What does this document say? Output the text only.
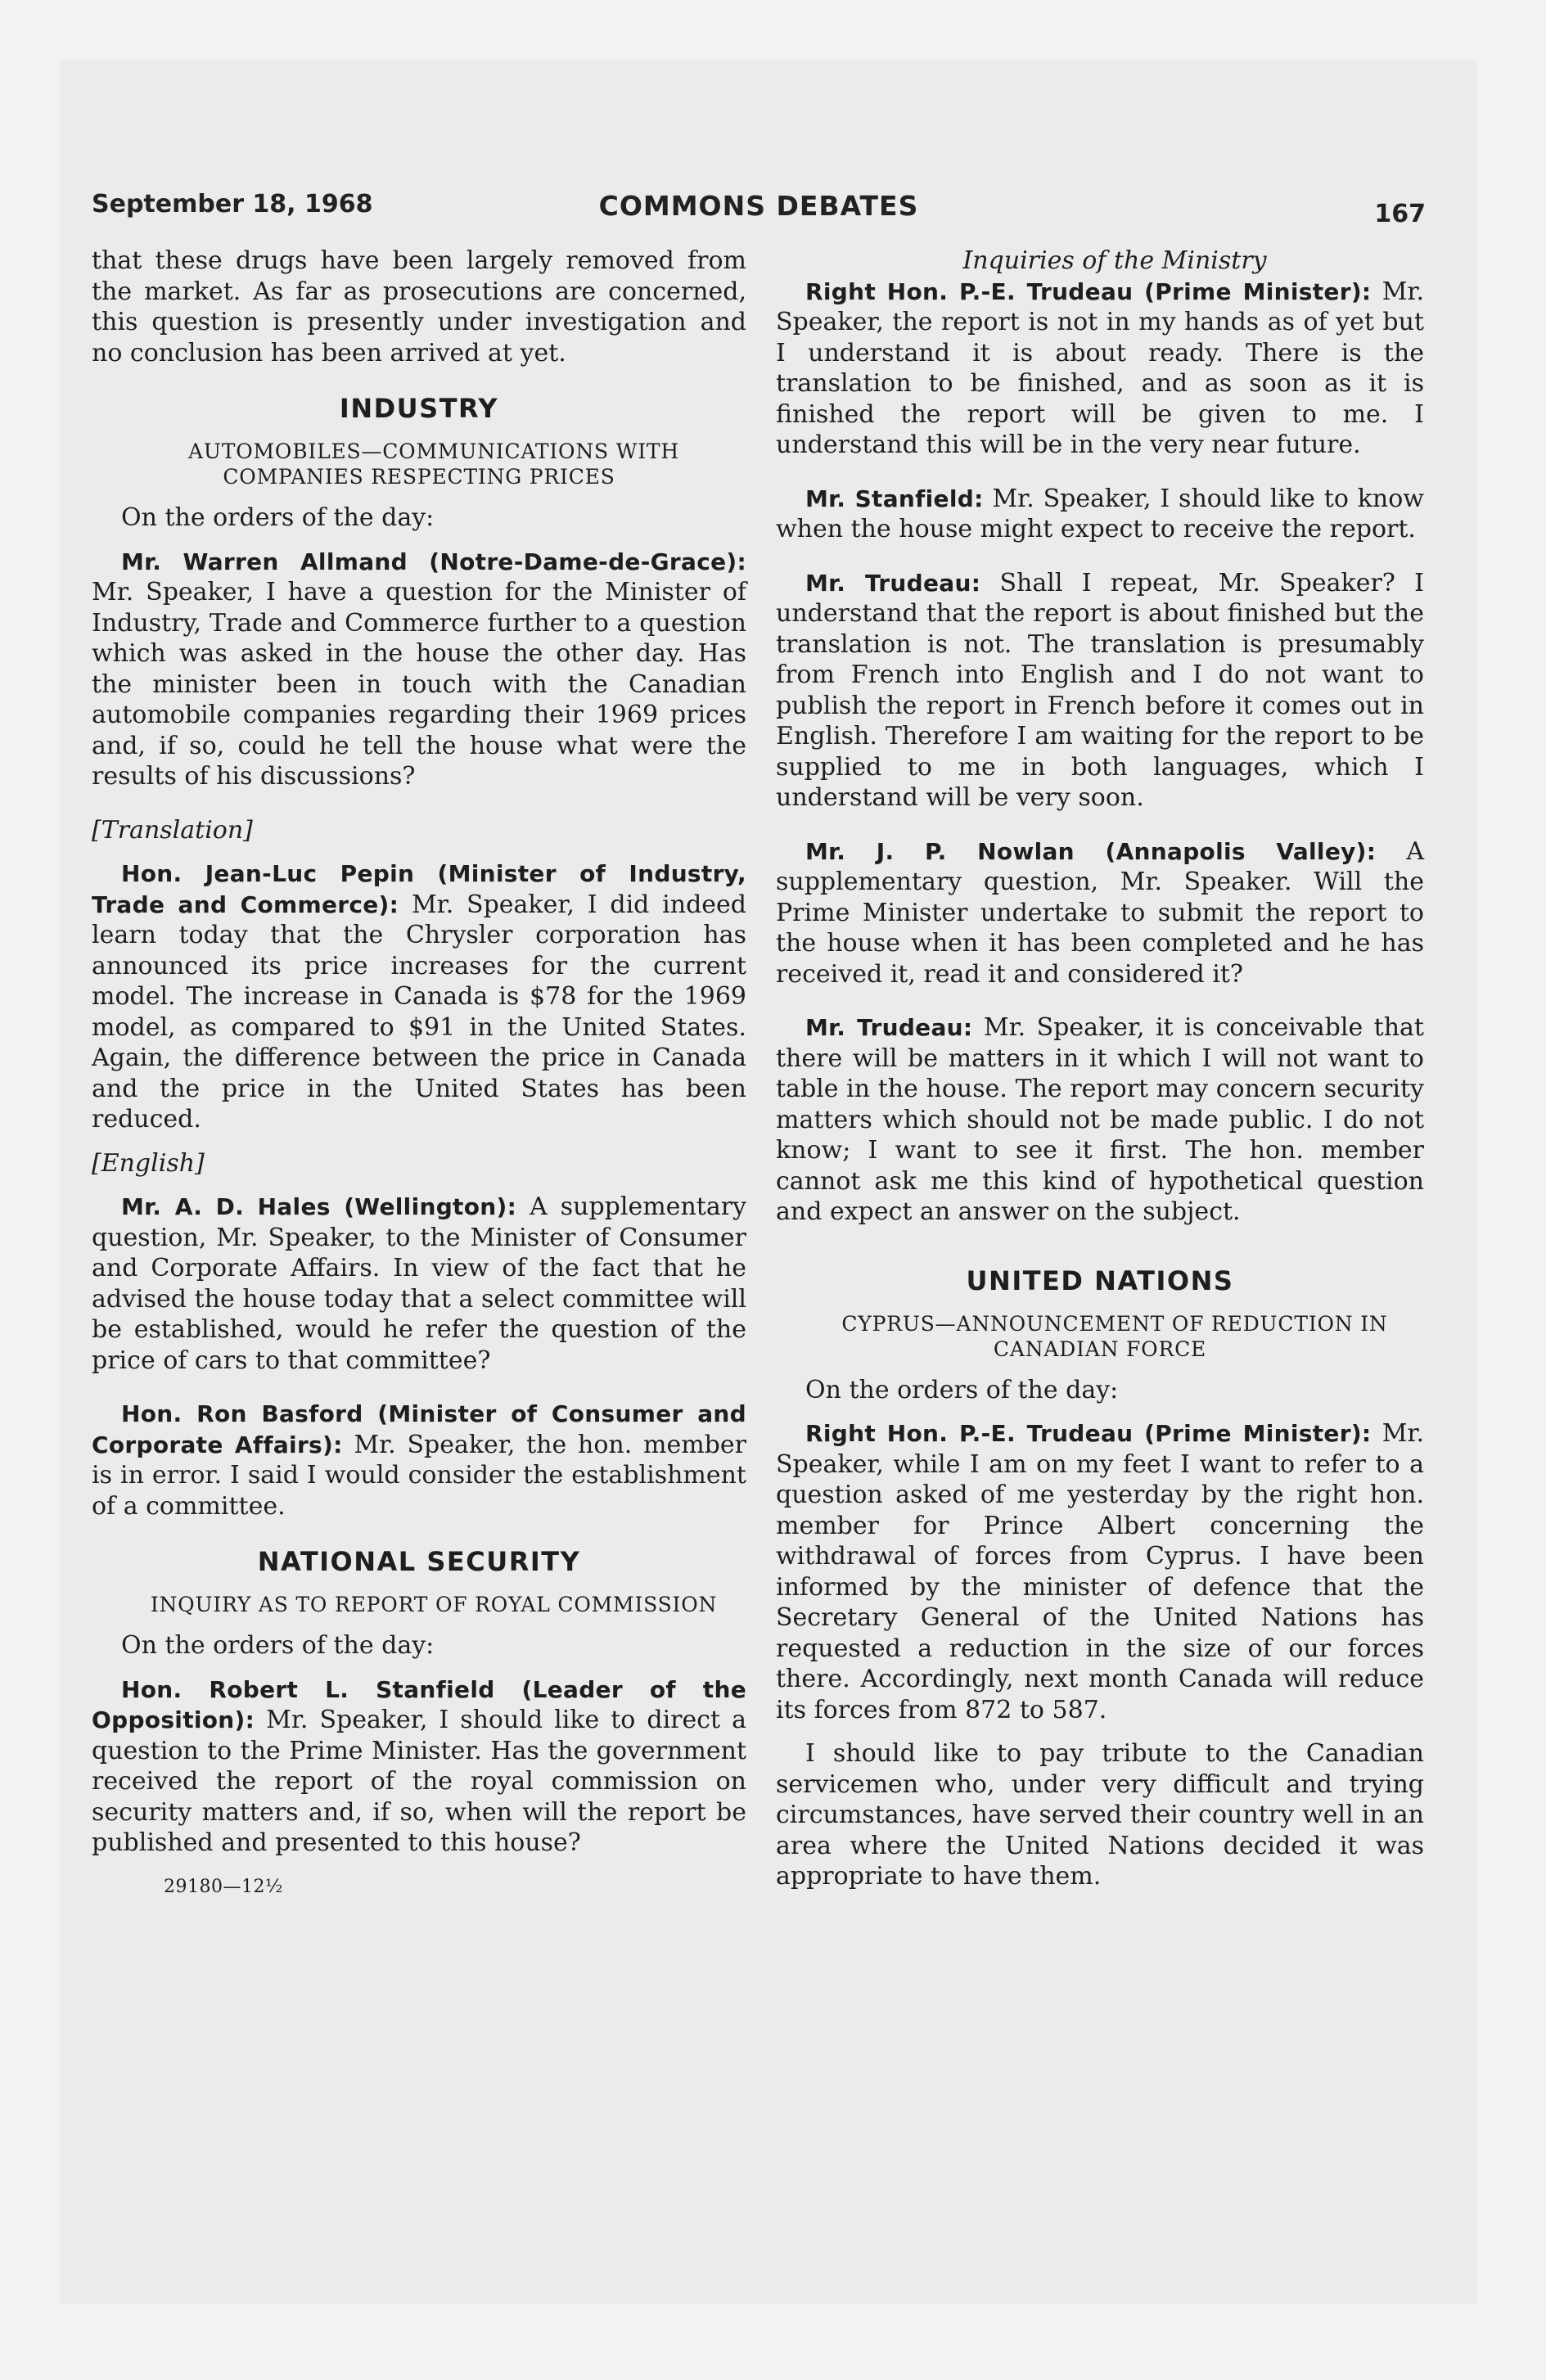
September 18, 1968	COMMONS DEBATES	167

that these drugs have been largely removed from the market. As far as prosecutions are concerned, this question is presently under investigation and no conclusion has been arrived at yet.

INDUSTRY

AUTOMOBILES—COMMUNICATIONS WITH COMPANIES RESPECTING PRICES

On the orders of the day:

Mr. Warren Allmand (Notre-Dame-de-Grace): Mr. Speaker, I have a question for the Minister of Industry, Trade and Commerce further to a question which was asked in the house the other day. Has the minister been in touch with the Canadian automobile companies regarding their 1969 prices and, if so, could he tell the house what were the results of his discussions?

[Translation]

Hon. Jean-Luc Pepin (Minister of Industry, Trade and Commerce): Mr. Speaker, I did indeed learn today that the Chrysler corporation has announced its price increases for the current model. The increase in Canada is $78 for the 1969 model, as compared to $91 in the United States. Again, the difference between the price in Canada and the price in the United States has been reduced.

[English]

Mr. A. D. Hales (Wellington): A supplementary question, Mr. Speaker, to the Minister of Consumer and Corporate Affairs. In view of the fact that he advised the house today that a select committee will be established, would he refer the question of the price of cars to that committee?

Hon. Ron Basford (Minister of Consumer and Corporate Affairs): Mr. Speaker, the hon. member is in error. I said I would consider the establishment of a committee.

NATIONAL SECURITY

INQUIRY AS TO REPORT OF ROYAL COMMISSION

On the orders of the day:

Hon. Robert L. Stanfield (Leader of the Opposition): Mr. Speaker, I should like to direct a question to the Prime Minister. Has the government received the report of the royal commission on security matters and, if so, when will the report be published and presented to this house?

29180—12½

Inquiries of the Ministry

Right Hon. P.-E. Trudeau (Prime Minister): Mr. Speaker, the report is not in my hands as of yet but I understand it is about ready. There is the translation to be finished, and as soon as it is finished the report will be given to me. I understand this will be in the very near future.

Mr. Stanfield: Mr. Speaker, I should like to know when the house might expect to receive the report.

Mr. Trudeau: Shall I repeat, Mr. Speaker? I understand that the report is about finished but the translation is not. The translation is presumably from French into English and I do not want to publish the report in French before it comes out in English. Therefore I am waiting for the report to be supplied to me in both languages, which I understand will be very soon.

Mr. J. P. Nowlan (Annapolis Valley): A supplementary question, Mr. Speaker. Will the Prime Minister undertake to submit the report to the house when it has been completed and he has received it, read it and considered it?

Mr. Trudeau: Mr. Speaker, it is conceivable that there will be matters in it which I will not want to table in the house. The report may concern security matters which should not be made public. I do not know; I want to see it first. The hon. member cannot ask me this kind of hypothetical question and expect an answer on the subject.

UNITED NATIONS

CYPRUS—ANNOUNCEMENT OF REDUCTION IN CANADIAN FORCE

On the orders of the day:

Right Hon. P.-E. Trudeau (Prime Minister): Mr. Speaker, while I am on my feet I want to refer to a question asked of me yesterday by the right hon. member for Prince Albert concerning the withdrawal of forces from Cyprus. I have been informed by the minister of defence that the Secretary General of the United Nations has requested a reduction in the size of our forces there. Accordingly, next month Canada will reduce its forces from 872 to 587.

I should like to pay tribute to the Canadian servicemen who, under very difficult and trying circumstances, have served their country well in an area where the United Nations decided it was appropriate to have them.
